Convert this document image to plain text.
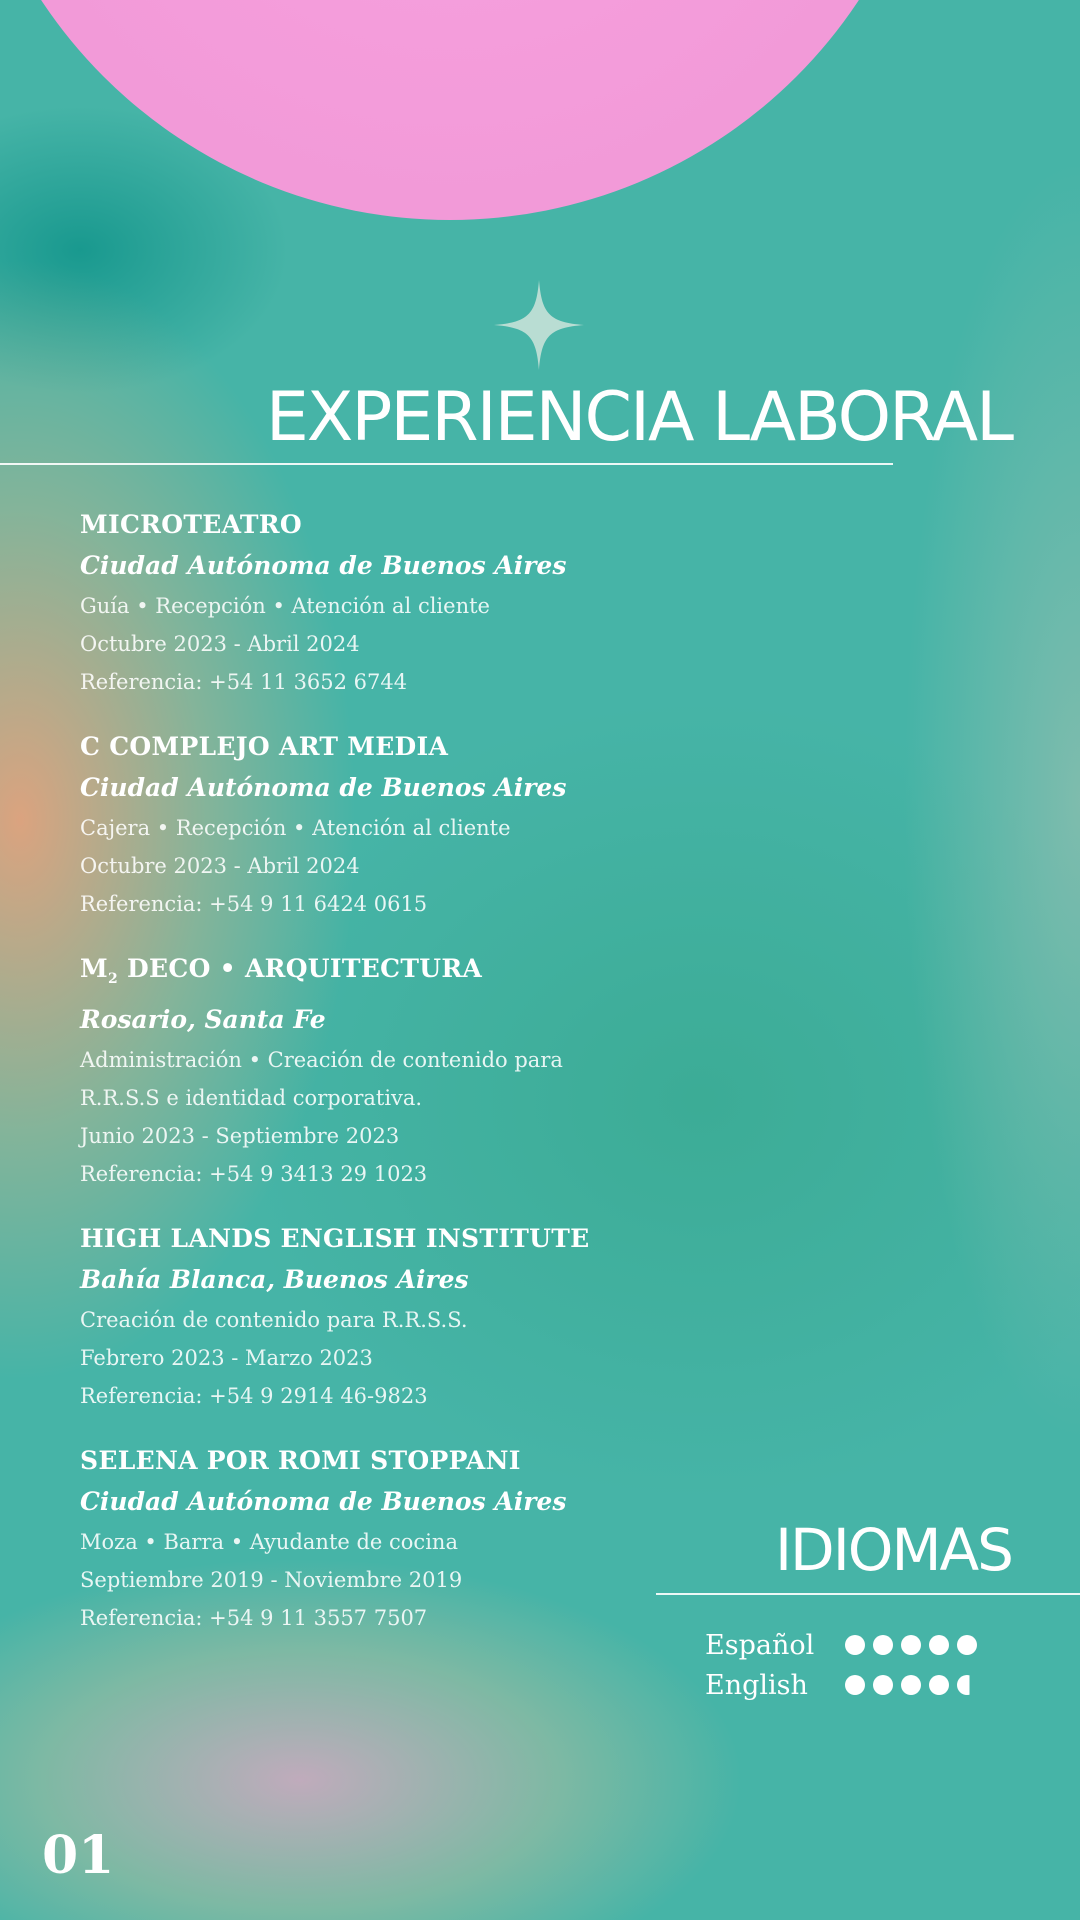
EXPERIENCIA LABORAL
MICROTEATRO
Ciudad Autónoma de Buenos Aires
Guía • Recepción • Atención al cliente
Octubre 2023 - Abril 2024
Referencia: +54 11 3652 6744
C COMPLEJO ART MEDIA
Ciudad Autónoma de Buenos Aires
Cajera • Recepción • Atención al cliente
Octubre 2023 - Abril 2024
Referencia: +54 9 11 6424 0615
$M_2$ DECO • ARQUITECTURA
Rosario, Santa Fe
Administración • Creación de contenido para
R.R.S.S e identidad corporativa.
Junio 2023 - Septiembre 2023
Referencia: +54 9 3413 29 1023
HIGH LANDS ENGLISH INSTITUTE
Bahía Blanca, Buenos Aires
Creación de contenido para R.R.S.S.
Febrero 2023 - Marzo 2023
Referencia: +54 9 2914 46-9823
SELENA POR ROMI STOPPANI
Ciudad Autónoma de Buenos Aires
Moza • Barra • Ayudante de cocina
Septiembre 2019 - Noviembre 2019
Referencia: +54 9 11 3557 7507
IDIOMAS
Español
English
01
